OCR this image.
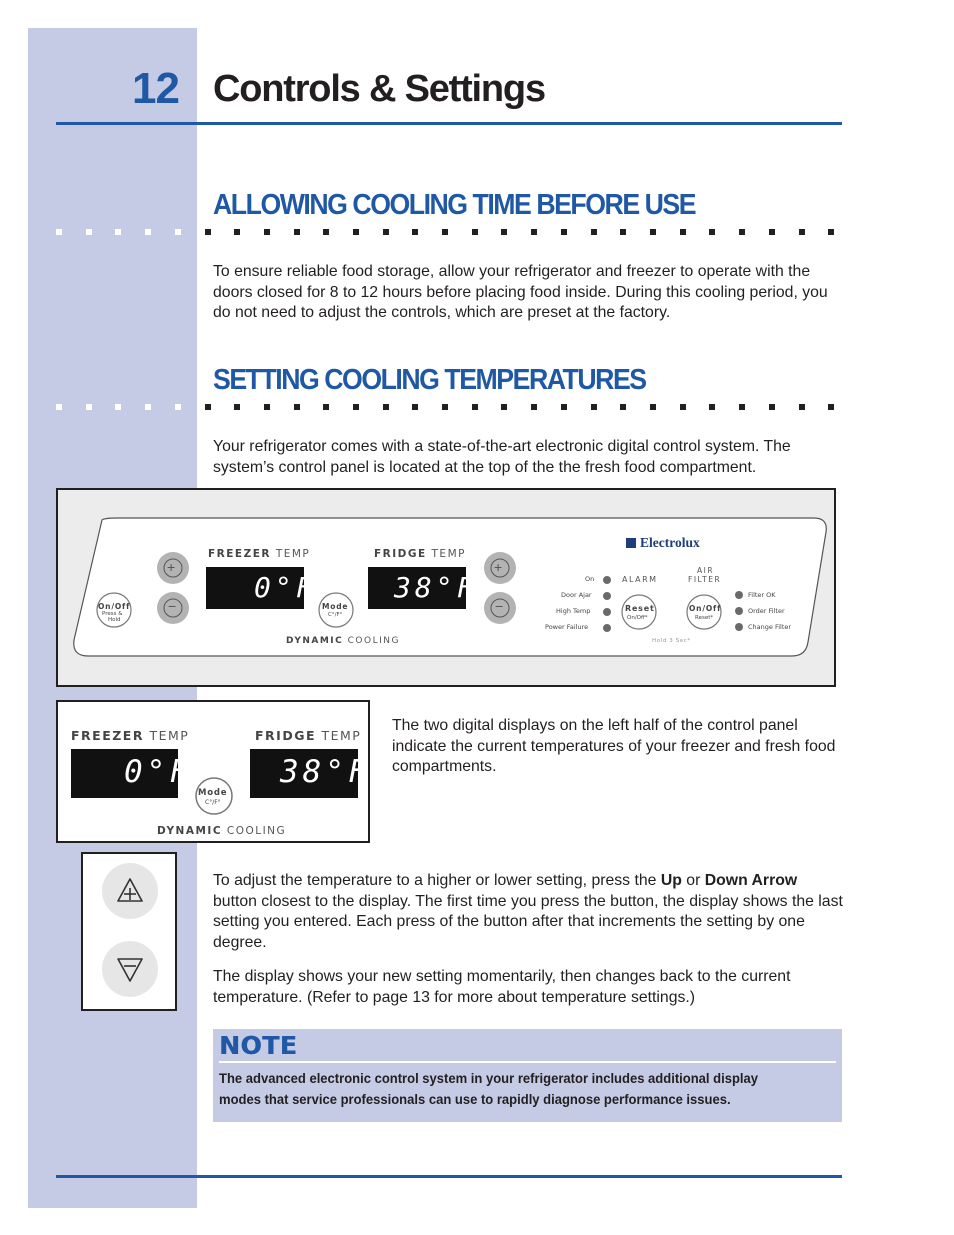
12 Controls & Settings
ALLOWING COOLING TIME BEFORE USE
To ensure reliable food storage, allow your refrigerator and freezer to operate with the doors closed for 8 to 12 hours before placing food inside. During this cooling period, you do not need to adjust the controls, which are preset at the factory.
SETTING COOLING TEMPERATURES
Your refrigerator comes with a state-of-the-art electronic digital control system. The system’s control panel is located at the top of the the fresh food compartment.
+
−
+
−
FREEZER TEMP	FRIDGE TEMP
0°F	38°F
On/Off
Press &
Hold
Mode
C°/F°
DYNAMIC COOLING
Electrolux
ALARM
On
Door Ajar
High Temp
Power Failure
Reset
On/Off*
AIR
FILTER
On/Off
Reset*
Filter OK
Order Filter
Change Filter
Hold 3 Sec*
FREEZER TEMP	FRIDGE TEMP
0°F	38°F
Mode
C°/F°
DYNAMIC COOLING
The two digital displays on the left half of the control panel indicate the current temperatures of your freezer and fresh food compartments.
To adjust the temperature to a higher or lower setting, press the Up or Down Arrow button closest to the display. The first time you press the button, the display shows the last setting you entered. Each press of the button after that increments the setting by one degree.
The display shows your new setting momentarily, then changes back to the current temperature. (Refer to page 13 for more about temperature settings.)
NOTE
The advanced electronic control system in your refrigerator includes additional display
modes that service professionals can use to rapidly diagnose performance issues.
